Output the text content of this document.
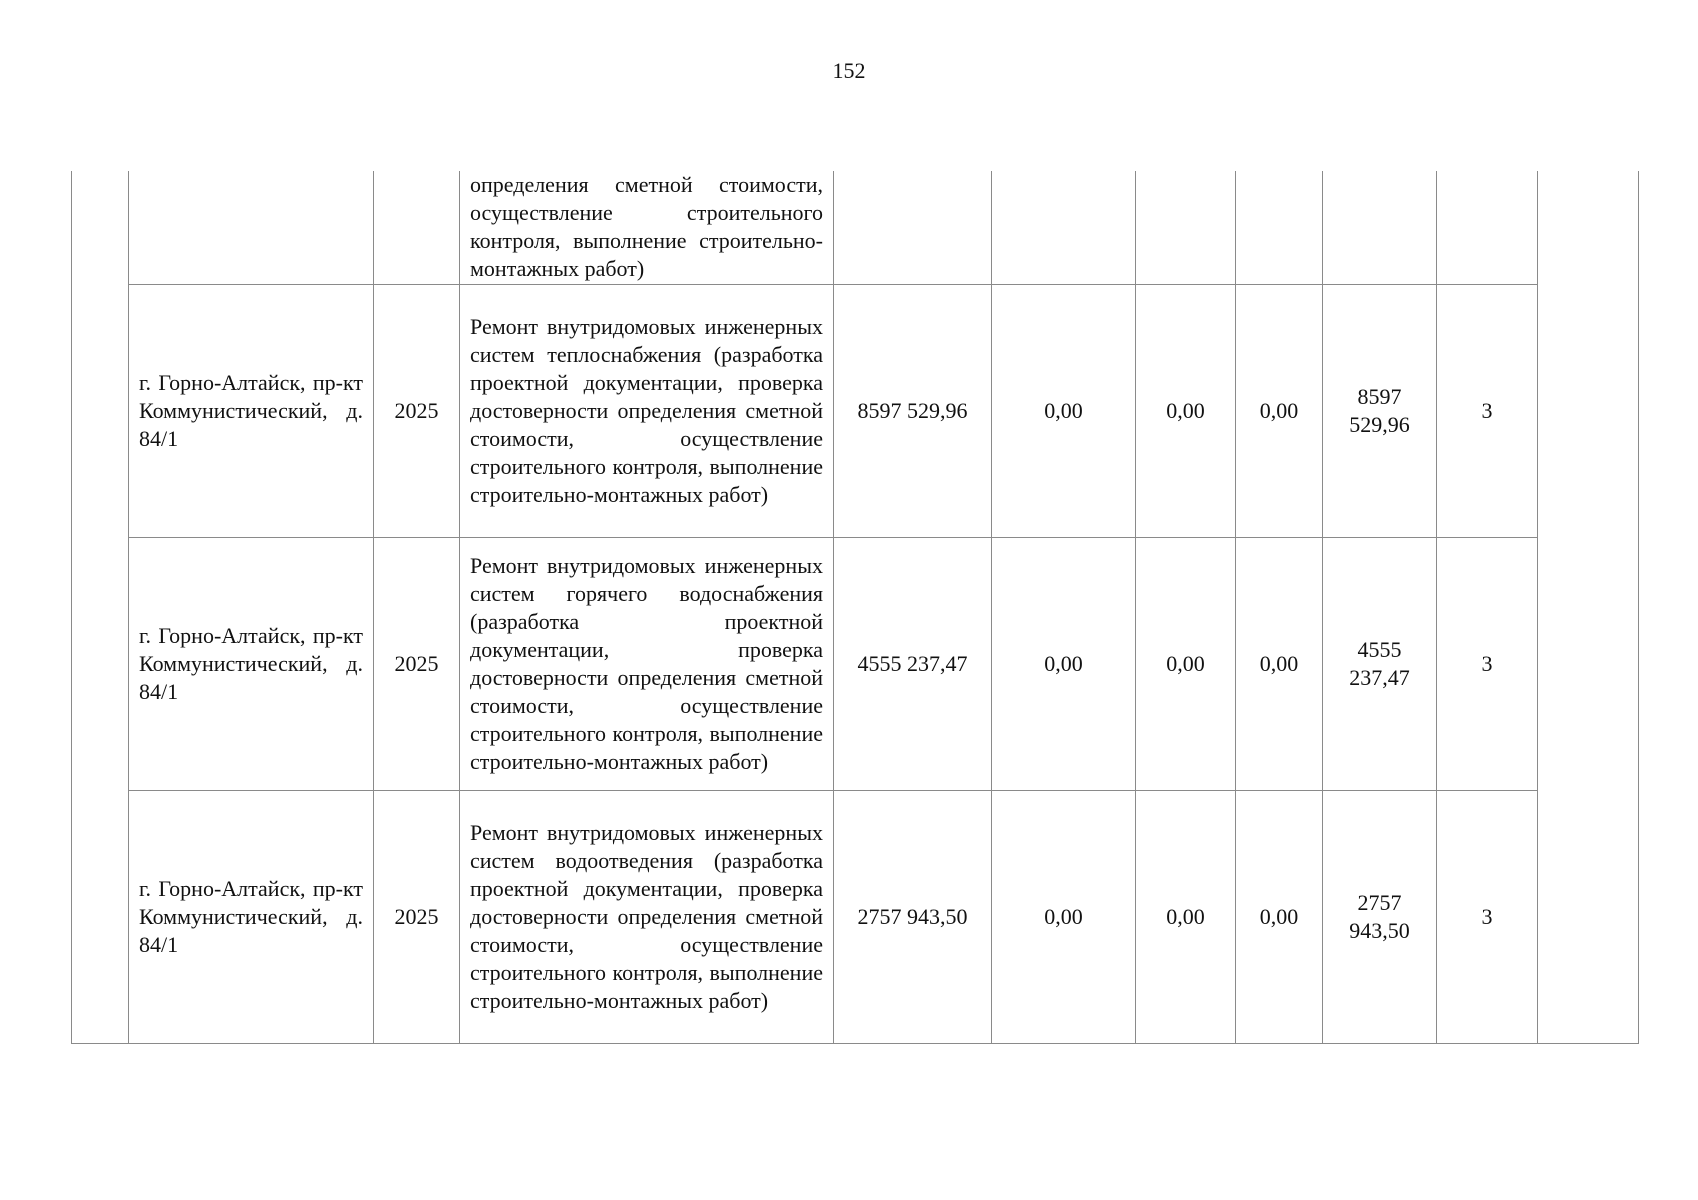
152
			определения сметной стоимости, осуществление строительного контроля, выполнение строительно-монтажных работ)							
	г. Горно-Алтайск, пр-кт Коммунистический, д. 84/1	2025	Ремонт внутридомовых инженерных систем теплоснабжения (разработка проектной документации, проверка достоверности определения сметной стоимости, осуществление строительного контроля, выполнение строительно-монтажных работ)	8597 529,96	0,00	0,00	0,00	8597 529,96	3	
	г. Горно-Алтайск, пр-кт Коммунистический, д. 84/1	2025	Ремонт внутридомовых инженерных систем горячего водоснабжения (разработка проектной документации, проверка достоверности определения сметной стоимости, осуществление строительного контроля, выполнение строительно-монтажных работ)	4555 237,47	0,00	0,00	0,00	4555 237,47	3	
	г. Горно-Алтайск, пр-кт Коммунистический, д. 84/1	2025	Ремонт внутридомовых инженерных систем водоотведения (разработка проектной документации, проверка достоверности определения сметной стоимости, осуществление строительного контроля, выполнение строительно-монтажных работ)	2757 943,50	0,00	0,00	0,00	2757 943,50	3	
